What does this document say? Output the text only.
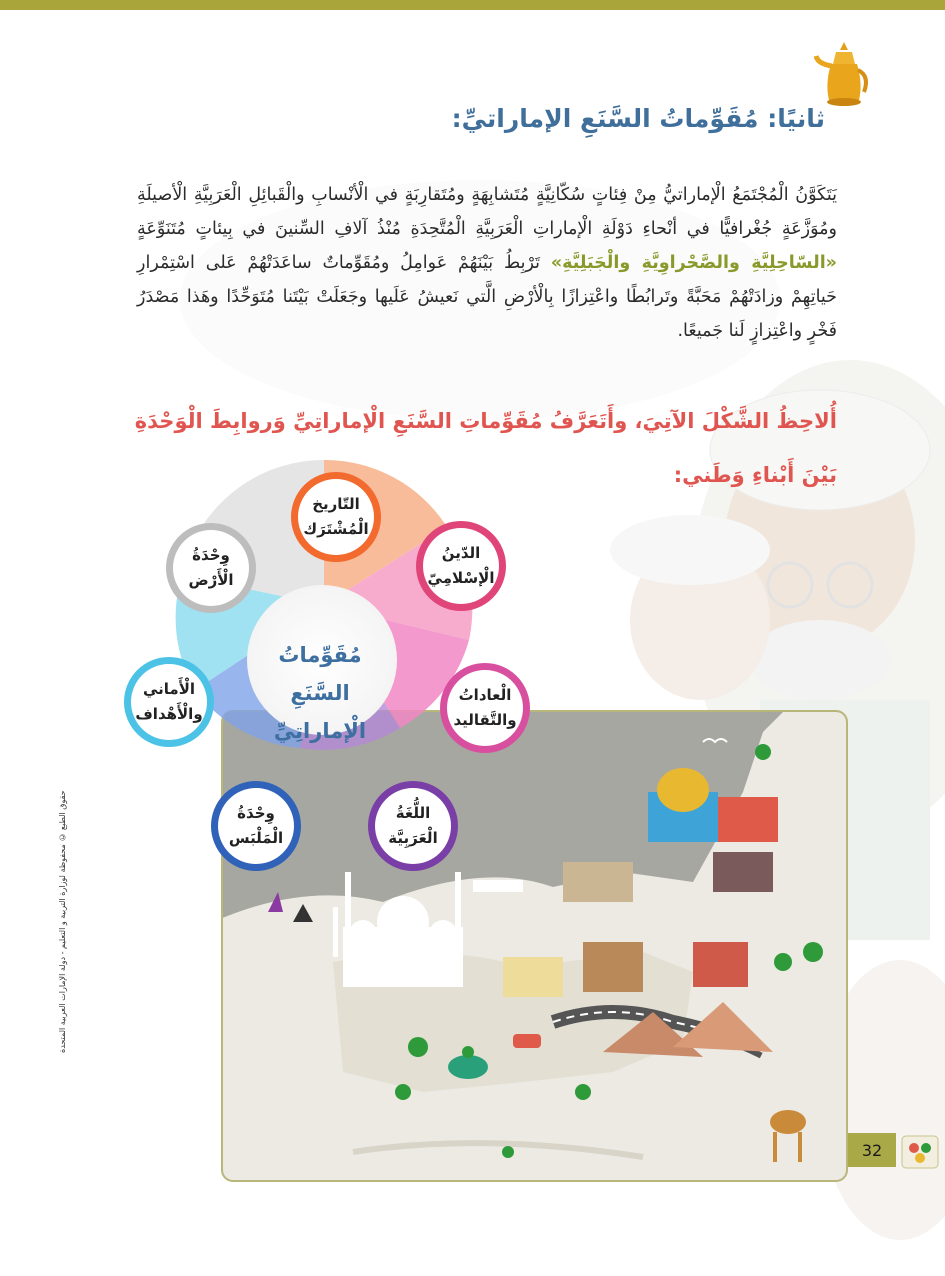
ثانيًا: مُقَوِّماتُ السَّنَعِ الإماراتيِّ:

يَتَكَوَّنُ الْمُجْتَمَعُ الْإماراتيُّ مِنْ فِئاتٍ سُكّانِيَّةٍ مُتَشابِهَةٍ ومُتَقارِبَةٍ في الْأنْسابِ والْقَبائِلِ الْعَرَبِيَّةِ الْأصيلَةِ ومُوَزَّعَةٍ جُغْرافيًّا في أنْحاءِ دَوْلَةِ الْإماراتِ الْعَرَبِيَّةِ الْمُتَّحِدَةِ مُنْذُ آلافِ السِّنينَ في بِيئاتٍ مُتَنَوِّعَةٍ «السّاحِلِيَّةِ والصَّحْراوِيَّةِ والْجَبَلِيَّةِ» تَرْبِطُ بَيْنَهُمْ عَوامِلُ ومُقَوِّماتٌ ساعَدَتْهُمْ عَلى اسْتِمْرارِ حَياتِهِمْ وزادَتْهُمْ مَحَبَّةً وتَرابُطًا واعْتِزازًا بِالْأرْضِ الَّتي نَعيشُ عَلَيها وجَعَلَتْ بَيْتَنا مُتَوَحِّدًا وهَذا مَصْدَرُ فَخْرٍ واعْتِزازٍ لَنا جَميعًا.

أُلاحِظُ الشَّكْلَ الآتِيَ، وأَتَعَرَّفُ مُقَوِّماتِ السَّنَعِ الْإماراتِيِّ وَروابِطَ الْوَحْدَةِ بَيْنَ أَبْناءِ وَطَني:
التّاريخ
الْمُشْتَرَك
الدّينُ
الْإسْلامِيّ
الْعاداتُ
والتَّقاليد
اللُّغَةُ
الْعَرَبِيَّة
وِحْدَةُ
الْمَلْبَس
الْأَماني
والْأَهْداف
وِحْدَةُ
الْأَرْض
مُقَوِّماتُ السَّنَعِ
الْإماراتِيِّ
حقوق الطبع © محفوظة لوزارة التربية و التعليم - دولة الإمارات العربية المتحدة
32
